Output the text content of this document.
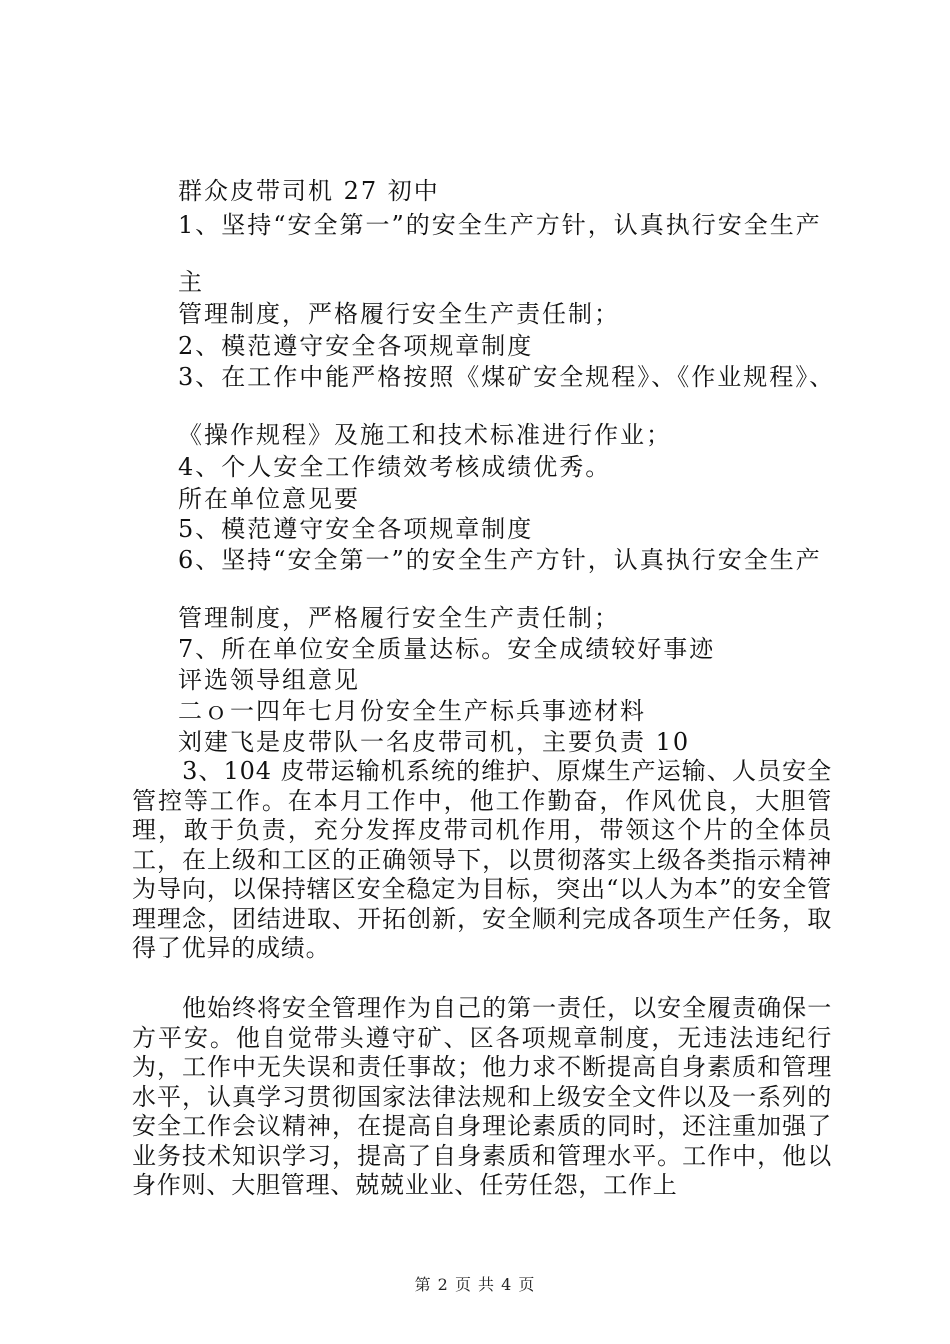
群众皮带司机 27 初中
1、坚持“安全第一”的安全生产方针，认真执行安全生产
主
管理制度，严格履行安全生产责任制；
2、模范遵守安全各项规章制度
3、在工作中能严格按照《煤矿安全规程》、《作业规程》、
《操作规程》及施工和技术标准进行作业；
4、个人安全工作绩效考核成绩优秀。
所在单位意见要
5、模范遵守安全各项规章制度
6、坚持“安全第一”的安全生产方针，认真执行安全生产
管理制度，严格履行安全生产责任制；
7、所在单位安全质量达标。安全成绩较好事迹
评选领导组意见
二ｏ一四年七月份安全生产标兵事迹材料
刘建飞是皮带队一名皮带司机，主要负责 10
　　3、104 皮带运输机系统的维护、原煤生产运输、人员安全管控等工作。在本月工作中，他工作勤奋，作风优良，大胆管理，敢于负责，充分发挥皮带司机作用，带领这个片的全体员工，在上级和工区的正确领导下，以贯彻落实上级各类指示精神为导向，以保持辖区安全稳定为目标，突出“以人为本”的安全管理理念，团结进取、开拓创新，安全顺利完成各项生产任务，取得了优异的成绩。
　　他始终将安全管理作为自己的第一责任，以安全履责确保一方平安。他自觉带头遵守矿、区各项规章制度，无违法违纪行为，工作中无失误和责任事故；他力求不断提高自身素质和管理水平，认真学习贯彻国家法律法规和上级安全文件以及一系列的安全工作会议精神，在提高自身理论素质的同时，还注重加强了业务技术知识学习，提高了自身素质和管理水平。工作中，他以身作则、大胆管理、兢兢业业、任劳任怨，工作上
第 2 页 共 4 页
